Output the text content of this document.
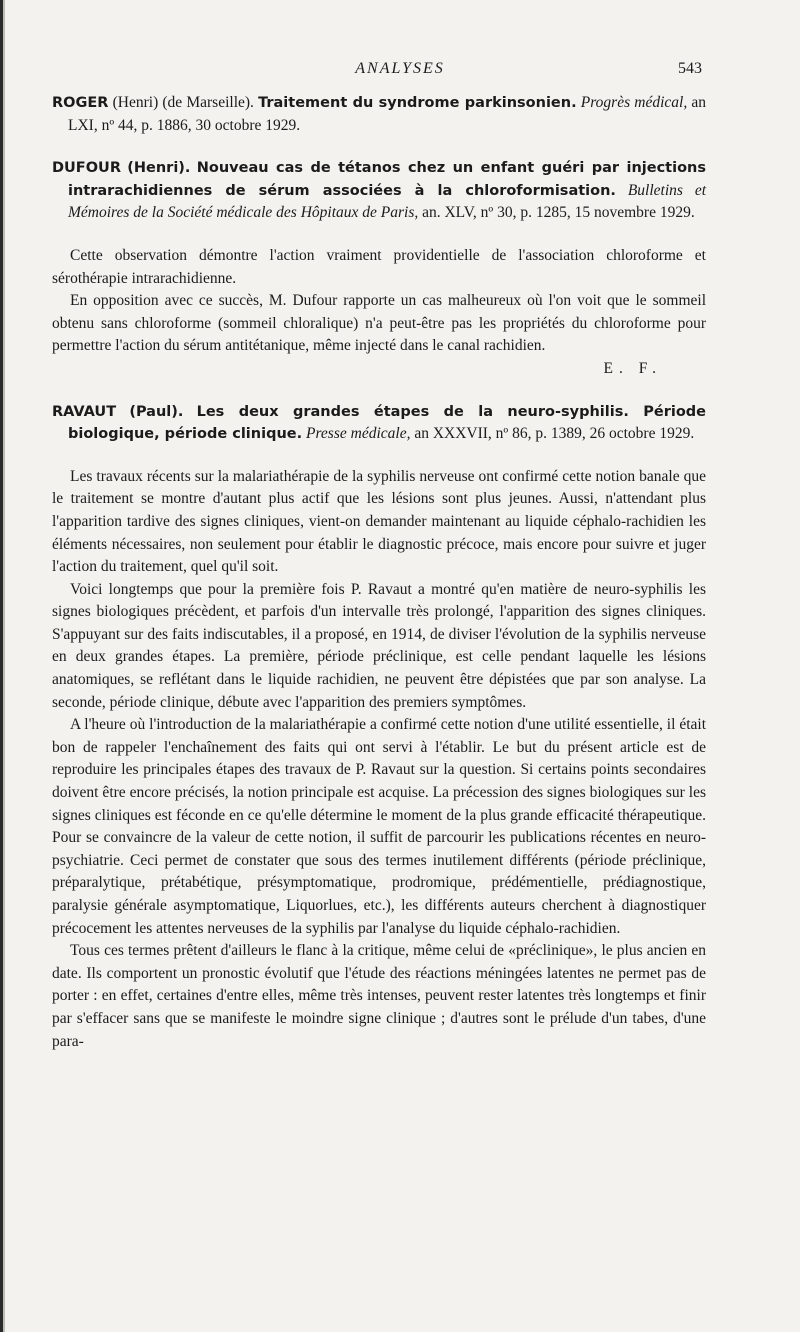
ANALYSES	543
ROGER (Henri) (de Marseille). Traitement du syndrome parkinsonien. Progrès médical, an LXI, nº 44, p. 1886, 30 octobre 1929.
DUFOUR (Henri). Nouveau cas de tétanos chez un enfant guéri par injections intrarachidiennes de sérum associées à la chloroformisation. Bulletins et Mémoires de la Société médicale des Hôpitaux de Paris, an. XLV, nº 30, p. 1285, 15 novembre 1929.

Cette observation démontre l'action vraiment providentielle de l'association chloroforme et sérothérapie intrarachidienne.

En opposition avec ce succès, M. Dufour rapporte un cas malheureux où l'on voit que le sommeil obtenu sans chloroforme (sommeil chloralique) n'a peut-être pas les propriétés du chloroforme pour permettre l'action du sérum antitétanique, même injecté dans le canal rachidien.

E. F.
RAVAUT (Paul). Les deux grandes étapes de la neuro-syphilis. Période biologique, période clinique. Presse médicale, an XXXVII, nº 86, p. 1389, 26 octobre 1929.

Les travaux récents sur la malariathérapie de la syphilis nerveuse ont confirmé cette notion banale que le traitement se montre d'autant plus actif que les lésions sont plus jeunes. Aussi, n'attendant plus l'apparition tardive des signes cliniques, vient-on demander maintenant au liquide céphalo-rachidien les éléments nécessaires, non seulement pour établir le diagnostic précoce, mais encore pour suivre et juger l'action du traitement, quel qu'il soit.

Voici longtemps que pour la première fois P. Ravaut a montré qu'en matière de neuro-syphilis les signes biologiques précèdent, et parfois d'un intervalle très prolongé, l'apparition des signes cliniques. S'appuyant sur des faits indiscutables, il a proposé, en 1914, de diviser l'évolution de la syphilis nerveuse en deux grandes étapes. La première, période préclinique, est celle pendant laquelle les lésions anatomiques, se reflétant dans le liquide rachidien, ne peuvent être dépistées que par son analyse. La seconde, période clinique, débute avec l'apparition des premiers symptômes.

A l'heure où l'introduction de la malariathérapie a confirmé cette notion d'une utilité essentielle, il était bon de rappeler l'enchaînement des faits qui ont servi à l'établir. Le but du présent article est de reproduire les principales étapes des travaux de P. Ravaut sur la question. Si certains points secondaires doivent être encore précisés, la notion principale est acquise. La précession des signes biologiques sur les signes cliniques est féconde en ce qu'elle détermine le moment de la plus grande efficacité thérapeutique. Pour se convaincre de la valeur de cette notion, il suffit de parcourir les publications récentes en neuro-psychiatrie. Ceci permet de constater que sous des termes inutilement différents (période préclinique, préparalytique, prétabétique, présymptomatique, prodromique, prédémentielle, prédiagnostique, paralysie générale asymptomatique, Liquorlues, etc.), les différents auteurs cherchent à diagnostiquer précocement les attentes nerveuses de la syphilis par l'analyse du liquide céphalo-rachidien.

Tous ces termes prêtent d'ailleurs le flanc à la critique, même celui de «préclinique», le plus ancien en date. Ils comportent un pronostic évolutif que l'étude des réactions méningées latentes ne permet pas de porter : en effet, certaines d'entre elles, même très intenses, peuvent rester latentes très longtemps et finir par s'effacer sans que se manifeste le moindre signe clinique ; d'autres sont le prélude d'un tabes, d'une para-
